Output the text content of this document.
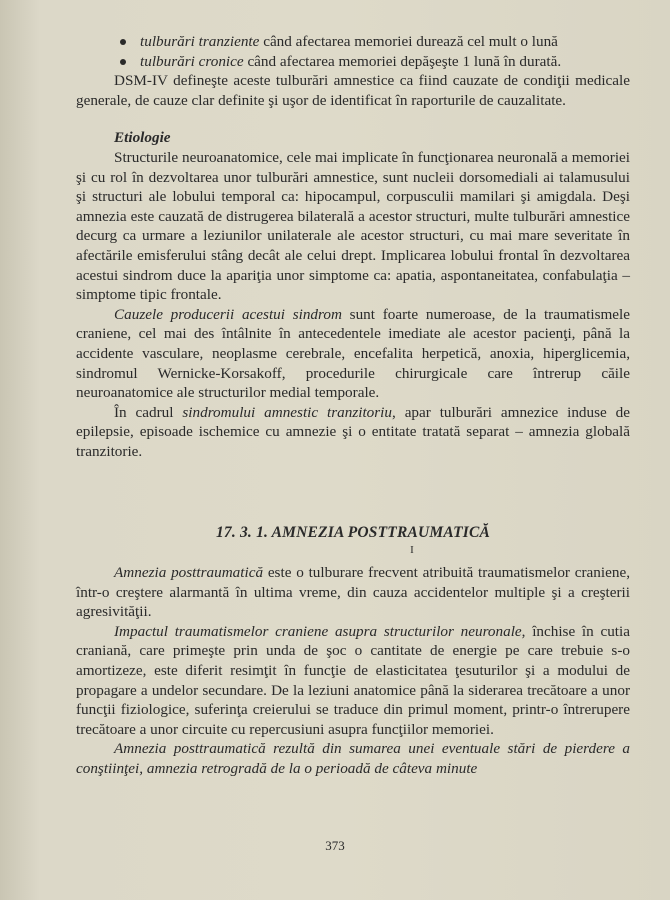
tulburări tranziente când afectarea memoriei durează cel mult o lună
tulburări cronice când afectarea memoriei depăşeşte 1 lună în durată.

DSM-IV defineşte aceste tulburări amnestice ca fiind cauzate de condiţii medicale generale, de cauze clar definite şi uşor de identificat în raporturile de cauzalitate.

Etiologie

Structurile neuroanatomice, cele mai implicate în funcţionarea neuronală a memoriei şi cu rol în dezvoltarea unor tulburări amnestice, sunt nucleii dorsomediali ai talamusului şi structuri ale lobului temporal ca: hipocampul, corpusculii mamilari şi amigdala. Deşi amnezia este cauzată de distrugerea bilaterală a acestor structuri, multe tulburări amnestice decurg ca urmare a leziunilor unilaterale ale acestor structuri, cu mai mare severitate în afectările emisferului stâng decât ale celui drept. Implicarea lobului frontal în dezvoltarea acestui sindrom duce la apariţia unor simptome ca: apatia, aspontaneitatea, confabulaţia – simptome tipic frontale.

Cauzele producerii acestui sindrom sunt foarte numeroase, de la traumatismele craniene, cel mai des întâlnite în antecedentele imediate ale acestor pacienţi, până la accidente vasculare, neoplasme cerebrale, encefalita herpetică, anoxia, hiperglicemia, sindromul Wernicke-Korsakoff, procedurile chirurgicale care întrerup căile neuroanatomice ale structurilor medial temporale.

În cadrul sindromului amnestic tranzitoriu, apar tulburări amnezice induse de epilepsie, episoade ischemice cu amnezie şi o entitate tratată separat – amnezia globală tranzitorie.

17. 3. 1. AMNEZIA POSTTRAUMATICĂ
I

Amnezia posttraumatică este o tulburare frecvent atribuită traumatismelor craniene, într-o creştere alarmantă în ultima vreme, din cauza accidentelor multiple şi a creşterii agresivităţii.

Impactul traumatismelor craniene asupra structurilor neuronale, închise în cutia craniană, care primeşte prin unda de şoc o cantitate de energie pe care trebuie s-o amortizeze, este diferit resimţit în funcţie de elasticitatea ţesuturilor şi a modului de propagare a undelor secundare. De la leziuni anatomice până la siderarea trecătoare a unor funcţii fiziologice, suferinţa creierului se traduce din primul moment, printr-o întrerupere trecătoare a unor circuite cu repercusiuni asupra funcţiilor memoriei.

Amnezia posttraumatică rezultă din sumarea unei eventuale stări de pierdere a conştiinţei, amnezia retrogradă de la o perioadă de câteva minute

373
